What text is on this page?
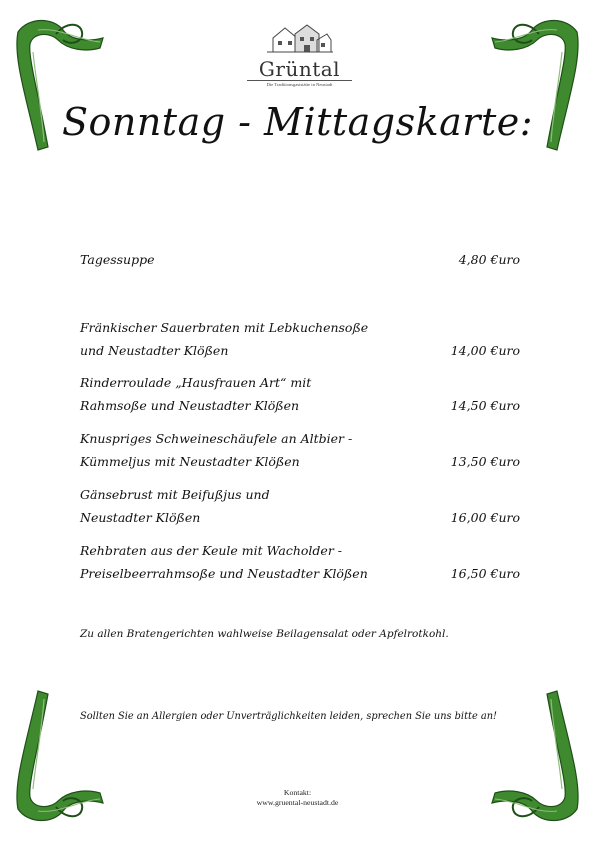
Grüntal
Die Traditionsgaststätte in Neustadt
Sonntag - Mittagskarte:
Tagessuppe	4,80 €uro
Fränkischer Sauerbraten mit Lebkuchensoße und Neustadter Klößen	14,00 €uro
Rinderroulade „Hausfrauen Art“ mit Rahmsoße und Neustadter Klößen	14,50 €uro
Knuspriges Schweineschäufele an Altbier - Kümmeljus mit Neustadter Klößen	13,50 €uro
Gänsebrust mit Beifußjus und Neustadter Klößen	16,00 €uro
Rehbraten aus der Keule mit Wacholder - Preiselbeerrahmsoße und Neustadter Klößen	16,50 €uro
Zu allen Bratengerichten wahlweise Beilagensalat oder Apfelrotkohl.
Sollten Sie an Allergien oder Unverträglichkeiten leiden, sprechen Sie uns bitte an!
Kontakt:
www.gruental-neustadt.de
